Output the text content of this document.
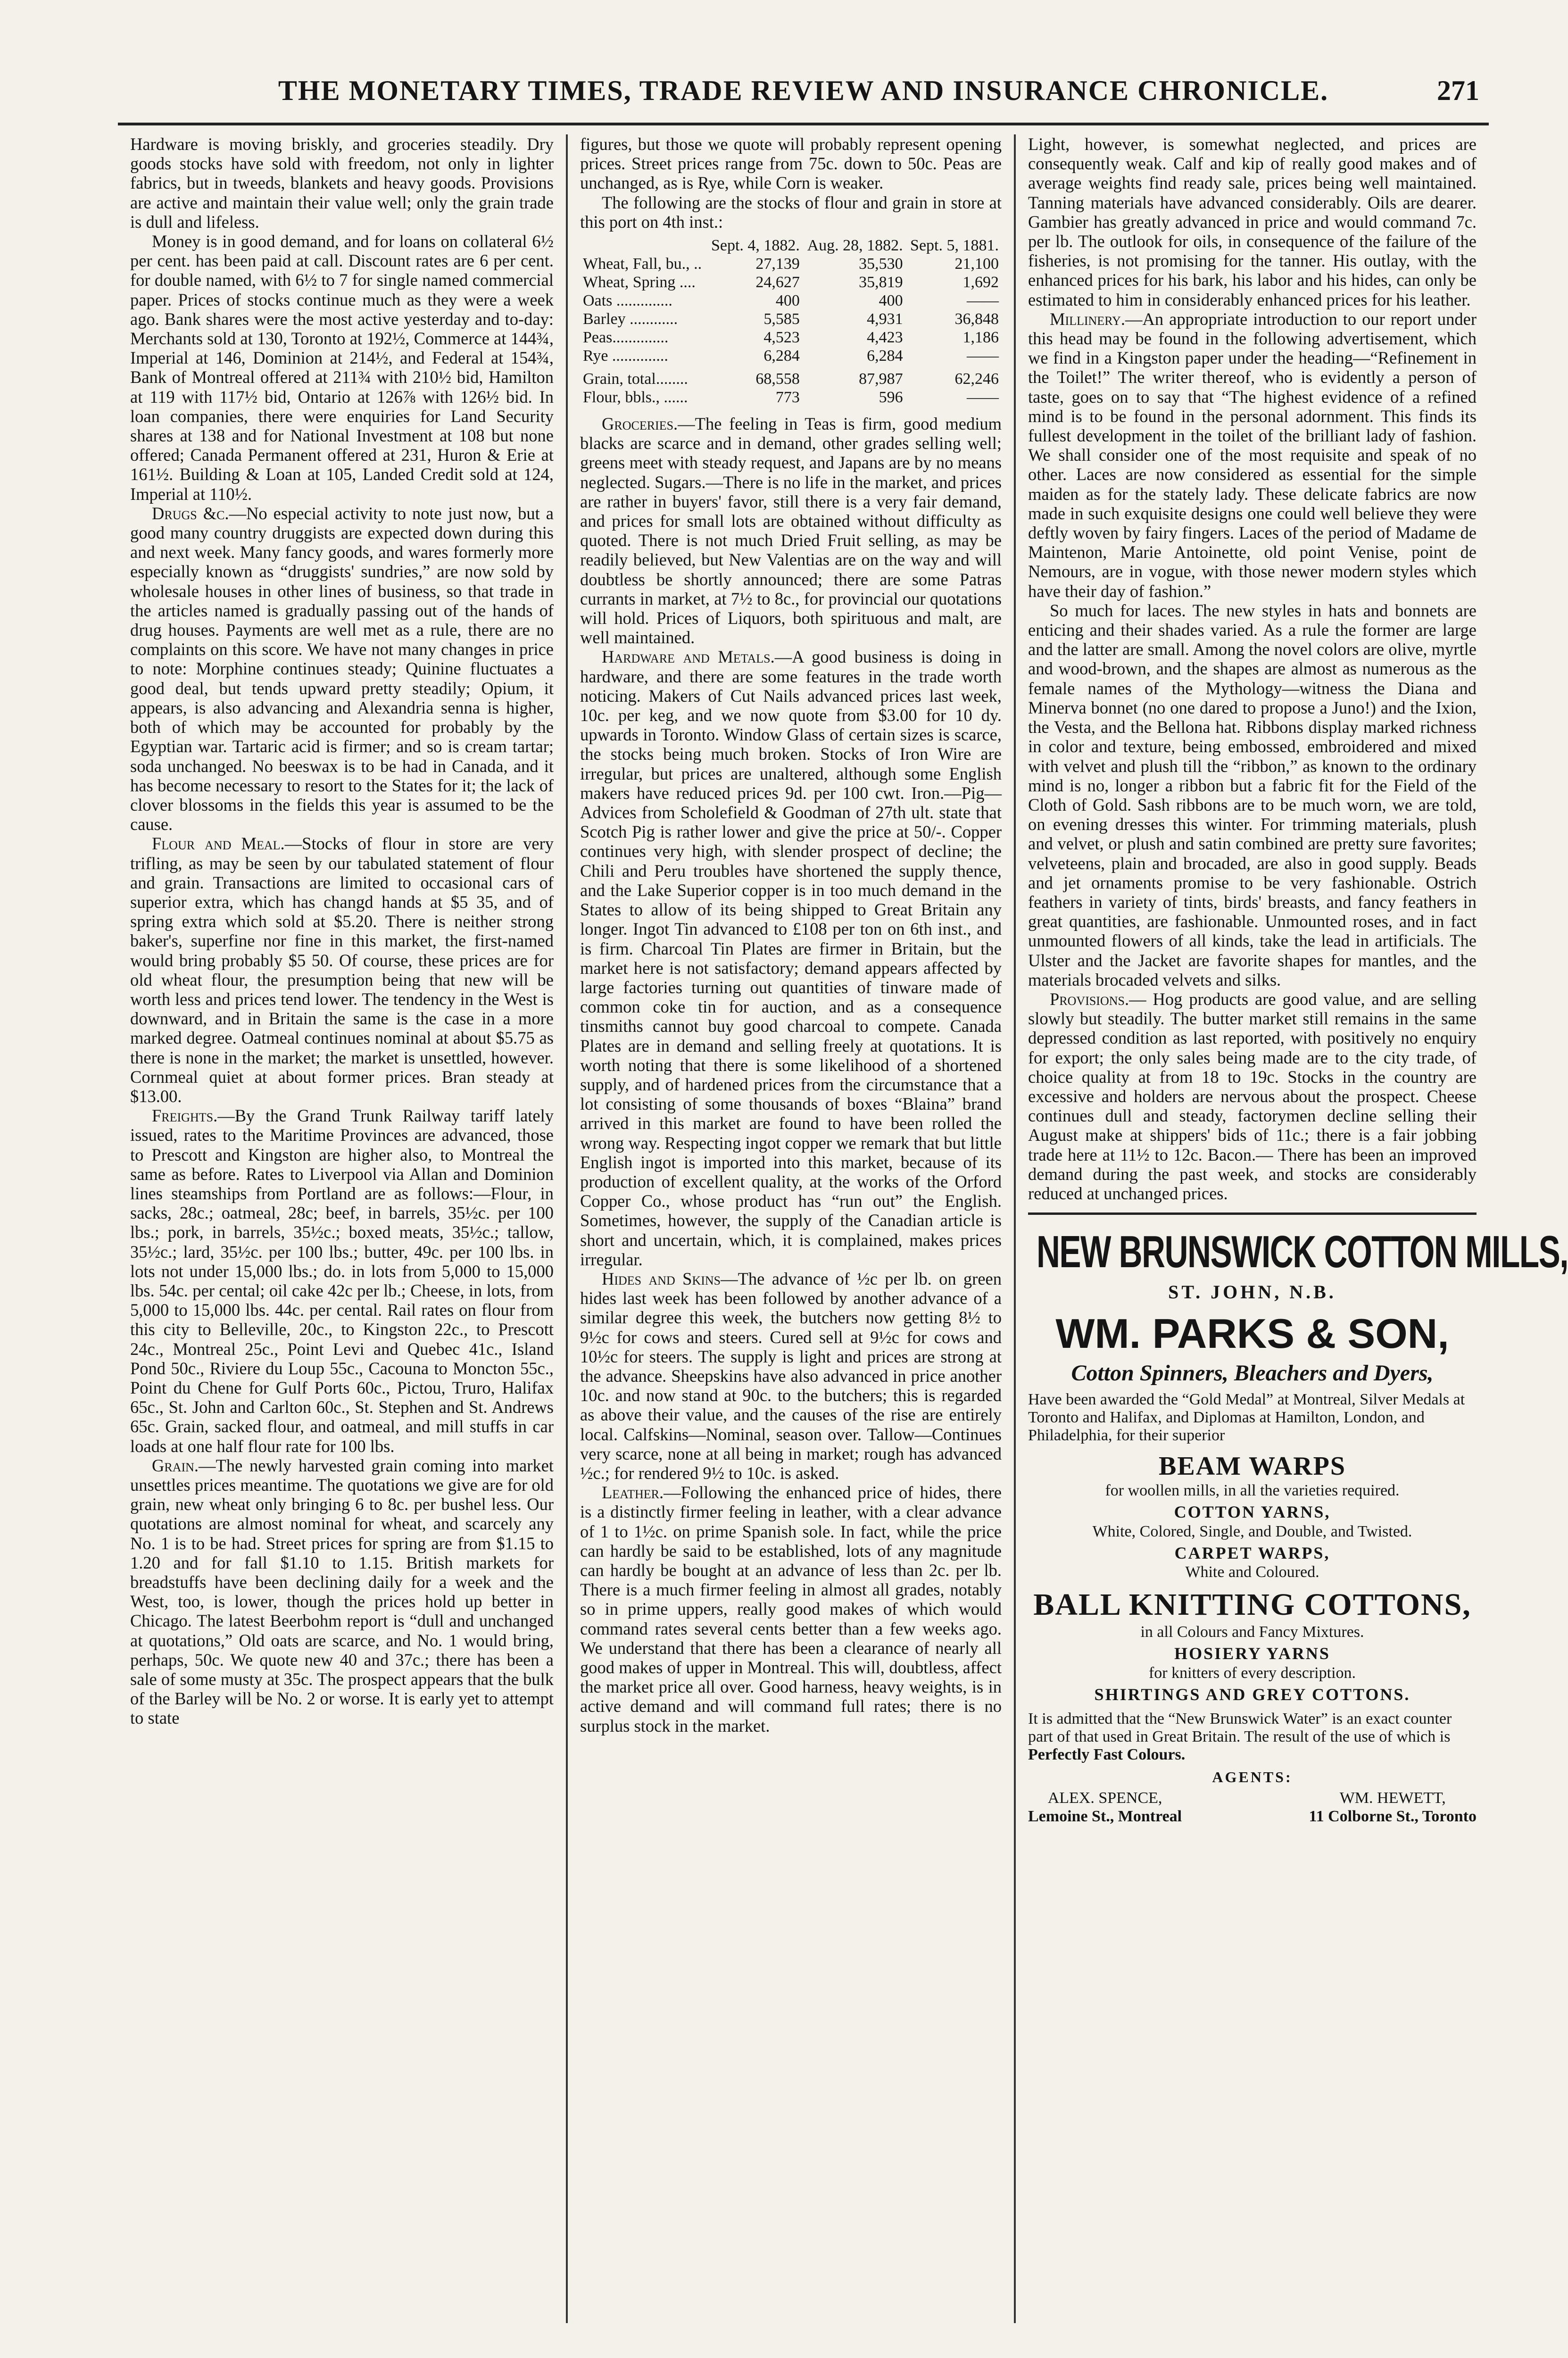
THE MONETARY TIMES, TRADE REVIEW AND INSURANCE CHRONICLE.	271

Hardware is moving briskly, and groceries steadily. Dry goods stocks have sold with freedom, not only in lighter fabrics, but in tweeds, blankets and heavy goods. Provisions are active and maintain their value well; only the grain trade is dull and lifeless.

Money is in good demand, and for loans on collateral 6½ per cent. has been paid at call. Discount rates are 6 per cent. for double named, with 6½ to 7 for single named commercial paper. Prices of stocks continue much as they were a week ago. Bank shares were the most active yesterday and to-day: Merchants sold at 130, Toronto at 192½, Commerce at 144¾, Imperial at 146, Dominion at 214½, and Federal at 154¾, Bank of Montreal offered at 211¾ with 210½ bid, Hamilton at 119 with 117½ bid, Ontario at 126⅞ with 126½ bid. In loan companies, there were enquiries for Land Security shares at 138 and for National Investment at 108 but none offered; Canada Permanent offered at 231, Huron & Erie at 161½. Building & Loan at 105, Landed Credit sold at 124, Imperial at 110½.

Drugs &c.—No especial activity to note just now, but a good many country druggists are expected down during this and next week. Many fancy goods, and wares formerly more especially known as “druggists' sundries,” are now sold by wholesale houses in other lines of business, so that trade in the articles named is gradually passing out of the hands of drug houses. Payments are well met as a rule, there are no complaints on this score. We have not many changes in price to note: Morphine continues steady; Quinine fluctuates a good deal, but tends upward pretty steadily; Opium, it appears, is also advancing and Alexandria senna is higher, both of which may be accounted for probably by the Egyptian war. Tartaric acid is firmer; and so is cream tartar; soda unchanged. No beeswax is to be had in Canada, and it has become necessary to resort to the States for it; the lack of clover blossoms in the fields this year is assumed to be the cause.

Flour and Meal.—Stocks of flour in store are very trifling, as may be seen by our tabulated statement of flour and grain. Transactions are limited to occasional cars of superior extra, which has changd hands at $5 35, and of spring extra which sold at $5.20. There is neither strong baker's, superfine nor fine in this market, the first-named would bring probably $5 50. Of course, these prices are for old wheat flour, the presumption being that new will be worth less and prices tend lower. The tendency in the West is downward, and in Britain the same is the case in a more marked degree. Oatmeal continues nominal at about $5.75 as there is none in the market; the market is unsettled, however. Cornmeal quiet at about former prices. Bran steady at $13.00.

Freights.—By the Grand Trunk Railway tariff lately issued, rates to the Maritime Provinces are advanced, those to Prescott and Kingston are higher also, to Montreal the same as before. Rates to Liverpool via Allan and Dominion lines steamships from Portland are as follows:—Flour, in sacks, 28c.; oatmeal, 28c; beef, in barrels, 35½c. per 100 lbs.; pork, in barrels, 35½c.; boxed meats, 35½c.; tallow, 35½c.; lard, 35½c. per 100 lbs.; butter, 49c. per 100 lbs. in lots not under 15,000 lbs.; do. in lots from 5,000 to 15,000 lbs. 54c. per cental; oil cake 42c per lb.; Cheese, in lots, from 5,000 to 15,000 lbs. 44c. per cental. Rail rates on flour from this city to Belleville, 20c., to Kingston 22c., to Prescott 24c., Montreal 25c., Point Levi and Quebec 41c., Island Pond 50c., Riviere du Loup 55c., Cacouna to Moncton 55c., Point du Chene for Gulf Ports 60c., Pictou, Truro, Halifax 65c., St. John and Carlton 60c., St. Stephen and St. Andrews 65c. Grain, sacked flour, and oatmeal, and mill stuffs in car loads at one half flour rate for 100 lbs.

Grain.—The newly harvested grain coming into market unsettles prices meantime. The quotations we give are for old grain, new wheat only bringing 6 to 8c. per bushel less. Our quotations are almost nominal for wheat, and scarcely any No. 1 is to be had. Street prices for spring are from $1.15 to 1.20 and for fall $1.10 to 1.15. British markets for breadstuffs have been declining daily for a week and the West, too, is lower, though the prices hold up better in Chicago. The latest Beerbohm report is “dull and unchanged at quotations,” Old oats are scarce, and No. 1 would bring, perhaps, 50c. We quote new 40 and 37c.; there has been a sale of some musty at 35c. The prospect appears that the bulk of the Barley will be No. 2 or worse. It is early yet to attempt to state

figures, but those we quote will probably represent opening prices. Street prices range from 75c. down to 50c. Peas are unchanged, as is Rye, while Corn is weaker.

The following are the stocks of flour and grain in store at this port on 4th inst.:

	Sept. 4, 1882.	Aug. 28, 1882.	Sept. 5, 1881.
Wheat, Fall, bu., ..	27,139	35,530	21,100
Wheat, Spring ....	24,627	35,819	1,692
Oats ..............	400	400	——
Barley ............	5,585	4,931	36,848
Peas..............	4,523	4,423	1,186
Rye ..............	6,284	6,284	——
Grain, total........	68,558	87,987	62,246
Flour, bbls., ......	773	596	——

Groceries.—The feeling in Teas is firm, good medium blacks are scarce and in demand, other grades selling well; greens meet with steady request, and Japans are by no means neglected. Sugars.—There is no life in the market, and prices are rather in buyers' favor, still there is a very fair demand, and prices for small lots are obtained without difficulty as quoted. There is not much Dried Fruit selling, as may be readily believed, but New Valentias are on the way and will doubtless be shortly announced; there are some Patras currants in market, at 7½ to 8c., for provincial our quotations will hold. Prices of Liquors, both spirituous and malt, are well maintained.

Hardware and Metals.—A good business is doing in hardware, and there are some features in the trade worth noticing. Makers of Cut Nails advanced prices last week, 10c. per keg, and we now quote from $3.00 for 10 dy. upwards in Toronto. Window Glass of certain sizes is scarce, the stocks being much broken. Stocks of Iron Wire are irregular, but prices are unaltered, although some English makers have reduced prices 9d. per 100 cwt. Iron.—Pig—Advices from Scholefield & Goodman of 27th ult. state that Scotch Pig is rather lower and give the price at 50/-. Copper continues very high, with slender prospect of decline; the Chili and Peru troubles have shortened the supply thence, and the Lake Superior copper is in too much demand in the States to allow of its being shipped to Great Britain any longer. Ingot Tin advanced to £108 per ton on 6th inst., and is firm. Charcoal Tin Plates are firmer in Britain, but the market here is not satisfactory; demand appears affected by large factories turning out quantities of tinware made of common coke tin for auction, and as a consequence tinsmiths cannot buy good charcoal to compete. Canada Plates are in demand and selling freely at quotations. It is worth noting that there is some likelihood of a shortened supply, and of hardened prices from the circumstance that a lot consisting of some thousands of boxes “Blaina” brand arrived in this market are found to have been rolled the wrong way. Respecting ingot copper we remark that but little English ingot is imported into this market, because of its production of excellent quality, at the works of the Orford Copper Co., whose product has “run out” the English. Sometimes, however, the supply of the Canadian article is short and uncertain, which, it is complained, makes prices irregular.

Hides and Skins—The advance of ½c per lb. on green hides last week has been followed by another advance of a similar degree this week, the butchers now getting 8½ to 9½c for cows and steers. Cured sell at 9½c for cows and 10½c for steers. The supply is light and prices are strong at the advance. Sheepskins have also advanced in price another 10c. and now stand at 90c. to the butchers; this is regarded as above their value, and the causes of the rise are entirely local. Calfskins—Nominal, season over. Tallow—Continues very scarce, none at all being in market; rough has advanced ½c.; for rendered 9½ to 10c. is asked.

Leather.—Following the enhanced price of hides, there is a distinctly firmer feeling in leather, with a clear advance of 1 to 1½c. on prime Spanish sole. In fact, while the price can hardly be said to be established, lots of any magnitude can hardly be bought at an advance of less than 2c. per lb. There is a much firmer feeling in almost all grades, notably so in prime uppers, really good makes of which would command rates several cents better than a few weeks ago. We understand that there has been a clearance of nearly all good makes of upper in Montreal. This will, doubtless, affect the market price all over. Good harness, heavy weights, is in active demand and will command full rates; there is no surplus stock in the market.

Light, however, is somewhat neglected, and prices are consequently weak. Calf and kip of really good makes and of average weights find ready sale, prices being well maintained. Tanning materials have advanced considerably. Oils are dearer. Gambier has greatly advanced in price and would command 7c. per lb. The outlook for oils, in consequence of the failure of the fisheries, is not promising for the tanner. His outlay, with the enhanced prices for his bark, his labor and his hides, can only be estimated to him in considerably enhanced prices for his leather.

Millinery.—An appropriate introduction to our report under this head may be found in the following advertisement, which we find in a Kingston paper under the heading—“Refinement in the Toilet!” The writer thereof, who is evidently a person of taste, goes on to say that “The highest evidence of a refined mind is to be found in the personal adornment. This finds its fullest development in the toilet of the brilliant lady of fashion. We shall consider one of the most requisite and speak of no other. Laces are now considered as essential for the simple maiden as for the stately lady. These delicate fabrics are now made in such exquisite designs one could well believe they were deftly woven by fairy fingers. Laces of the period of Madame de Maintenon, Marie Antoinette, old point Venise, point de Nemours, are in vogue, with those newer modern styles which have their day of fashion.”

So much for laces. The new styles in hats and bonnets are enticing and their shades varied. As a rule the former are large and the latter are small. Among the novel colors are olive, myrtle and wood-brown, and the shapes are almost as numerous as the female names of the Mythology—witness the Diana and Minerva bonnet (no one dared to propose a Juno!) and the Ixion, the Vesta, and the Bellona hat. Ribbons display marked richness in color and texture, being embossed, embroidered and mixed with velvet and plush till the “ribbon,” as known to the ordinary mind is no, longer a ribbon but a fabric fit for the Field of the Cloth of Gold. Sash ribbons are to be much worn, we are told, on evening dresses this winter. For trimming materials, plush and velvet, or plush and satin combined are pretty sure favorites; velveteens, plain and brocaded, are also in good supply. Beads and jet ornaments promise to be very fashionable. Ostrich feathers in variety of tints, birds' breasts, and fancy feathers in great quantities, are fashionable. Unmounted roses, and in fact unmounted flowers of all kinds, take the lead in artificials. The Ulster and the Jacket are favorite shapes for mantles, and the materials brocaded velvets and silks.

Provisions.— Hog products are good value, and are selling slowly but steadily. The butter market still remains in the same depressed condition as last reported, with positively no enquiry for export; the only sales being made are to the city trade, of choice quality at from 18 to 19c. Stocks in the country are excessive and holders are nervous about the prospect. Cheese continues dull and steady, factorymen decline selling their August make at shippers' bids of 11c.; there is a fair jobbing trade here at 11½ to 12c. Bacon.— There has been an improved demand during the past week, and stocks are considerably reduced at unchanged prices.

NEW BRUNSWICK COTTON MILLS,
ST. JOHN, N.B.
WM. PARKS & SON,
Cotton Spinners, Bleachers and Dyers,
Have been awarded the “Gold Medal” at Montreal, Silver Medals at Toronto and Halifax, and Diplomas at Hamilton, London, and Philadelphia, for their superior
BEAM WARPS
for woollen mills, in all the varieties required.
COTTON YARNS,
White, Colored, Single, and Double, and Twisted.
CARPET WARPS,
White and Coloured.
BALL KNITTING COTTONS,
in all Colours and Fancy Mixtures.
HOSIERY YARNS
for knitters of every description.
SHIRTINGS AND GREY COTTONS.
It is admitted that the “New Brunswick Water” is an exact counter part of that used in Great Britain. The result of the use of which is Perfectly Fast Colours.
AGENTS:
ALEX. SPENCE,
Lemoine St., Montreal
WM. HEWETT,
11 Colborne St., Toronto
